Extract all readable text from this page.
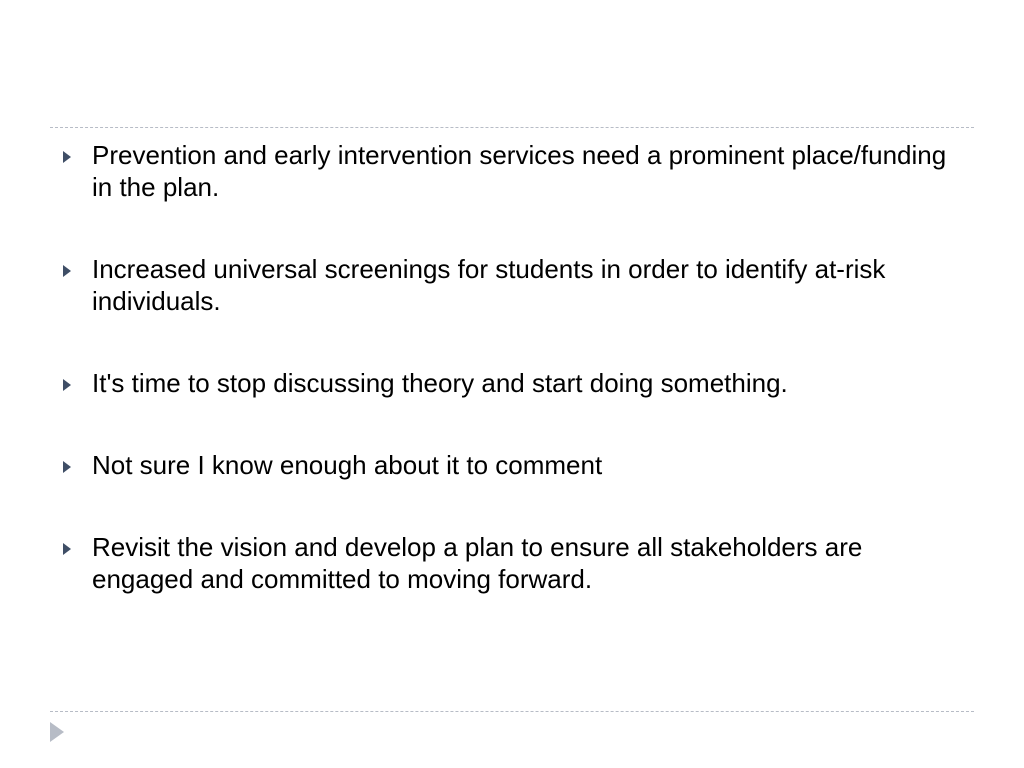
Prevention and early intervention services need a prominent place/funding in the plan.
Increased universal screenings for students in order to identify at-risk individuals.
It's time to stop discussing theory and start doing something.
Not sure I know enough about it to comment
Revisit the vision and develop a plan to ensure all stakeholders are engaged and committed to moving forward.
